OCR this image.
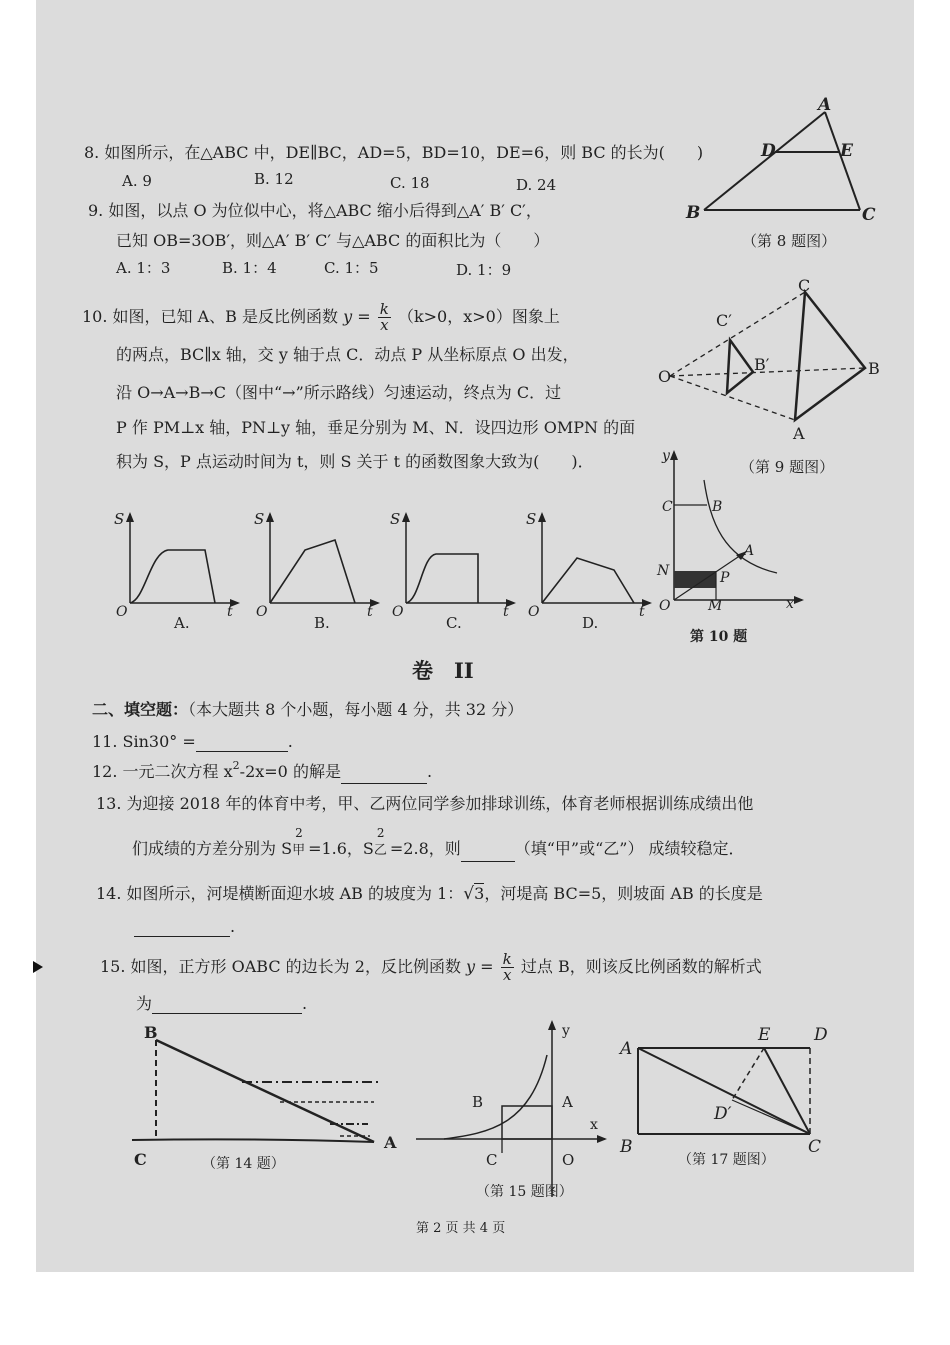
8. 如图所示，在△ABC 中，DE∥BC，AD=5，BD=10，DE=6，则 BC 的长为(　　)
A. 9	B. 12	C. 18	D. 24
A
D	E
B	C
（第 8 题图）
9. 如图，以点 O 为位似中心，将△ABC 缩小后得到△A′ B′ C′，
已知 OB=3OB′，则△A′ B′ C′ 与△ABC 的面积比为（　　）
A. 1：3	B. 1：4	C. 1：5	D. 1：9
10. 如图，已知 A、B 是反比例函数 $y = \frac{k}{x} (k>0$，x>0）图象上
的两点，BC∥x 轴，交 y 轴于点 C．动点 P 从坐标原点 O 出发，
沿 O→A→B→C（图中“→”所示路线）匀速运动，终点为 C．过
P 作 PM⊥x 轴，PN⊥y 轴，垂足分别为 M、N．设四边形 OMPN 的面
积为 S，P 点运动时间为 t，则 S 关于 t 的函数图象大致为(　　)．
C
C′
B′
O	B
A
（第 9 题图）
S
O	t
A.
S
O	t
B.
S
O	t
C.
S
O	t
D.
y
C	B
A
N	P
O	M	x
第 10 题
卷　II
二、填空题：（本大题共 8 个小题，每小题 4 分，共 32 分）
11. Sin30° =	.
12. 一元二次方程 $x^2-2x=0$ 的解是	.
13. 为迎接 2018 年的体育中考，甲、乙两位同学参加排球训练，体育老师根据训练成绩出他
们成绩的方差分别为 S
2
甲 =1.6，S
2
乙 =2.8，则	（填“甲”或“乙”） 成绩较稳定．
14. 如图所示，河堤横断面迎水坡 AB 的坡度为 1：√3，河堤高 BC=5，则坡面 AB 的长度是
.
15. 如图，正方形 OABC 的边长为 2，反比例函数 $y = \frac{k}{x}$ 过点 B，则该反比例函数的解析式
为	.
B
C
A
（第 14 题）
y
B	A
x
C	O
（第 15 题图）
A
E	D
D′
B	C
（第 17 题图）
第 2 页 共 4 页
